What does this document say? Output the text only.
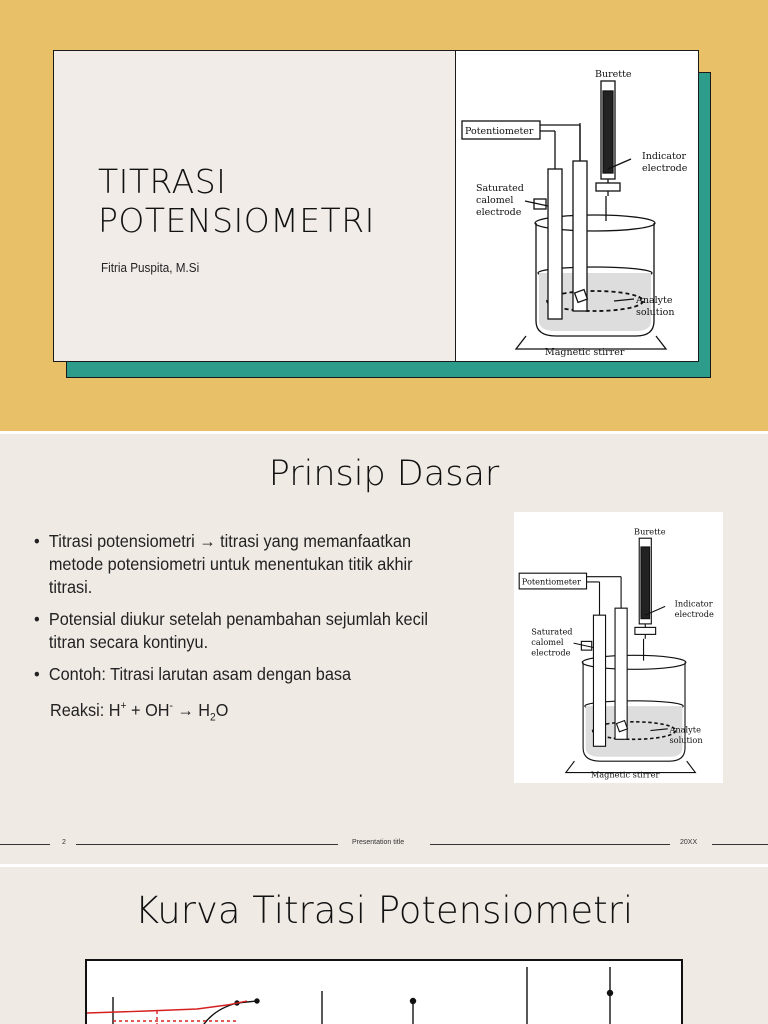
TITRASI POTENSIOMETRI
Fitria Puspita, M.Si
Burette
Potentiometer
Indicator
electrode
Saturated
calomel
electrode
Analyte
solution
Magnetic stirrer
Prinsip Dasar
• Titrasi potensiometri → titrasi yang memanfaatkan metode potensiometri untuk menentukan titik akhir titrasi.
• Potensial diukur setelah penambahan sejumlah kecil titran secara kontinyu.
• Contoh: Titrasi larutan asam dengan basa
Reaksi: $H^+ + OH^- \to H_2O$
Burette
Potentiometer
Indicator
electrode
Saturated
calomel
electrode
Analyte
solution
Magnetic stirrer
2	Presentation title	20XX
Kurva Titrasi Potensiometri
